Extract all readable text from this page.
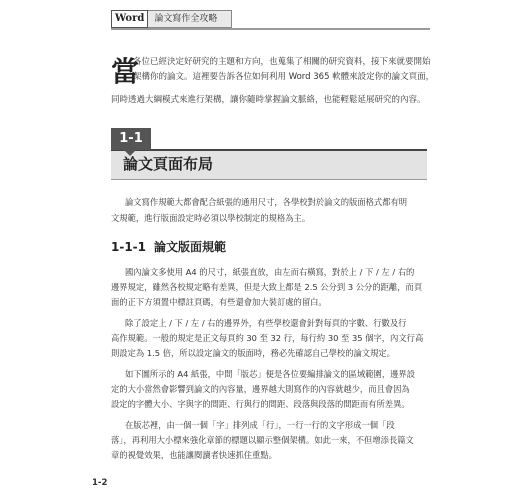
Word	論文寫作全攻略
當
各位已經決定好研究的主題和方向，也蒐集了相關的研究資料，接下來就要開始
架構你的論文。這裡要告訴各位如何利用 Word 365 軟體來設定你的論文頁面，
同時透過大綱模式來進行架構，讓你隨時掌握論文脈絡，也能輕鬆延展研究的內容。
1-1
論文頁面布局
論文寫作規範大都會配合紙張的通用尺寸，各學校對於論文的版面格式都有明
文規範，進行版面設定時必須以學校制定的規格為主。
1-1-1 論文版面規範
國內論文多使用 A4 的尺寸，紙張直放，由左而右橫寫，對於上 / 下 / 左 / 右的
邊界規定，雖然各校規定略有差異，但是大致上都是 2.5 公分到 3 公分的距離，而頁
面的正下方須置中標註頁碼，有些還會加大裝訂處的留白。
除了設定上 / 下 / 左 / 右的邊界外，有些學校還會針對每頁的字數、行數及行
高作規範。一般的規定是正文每頁約 30 至 32 行，每行約 30 至 35 個字，內文行高
則設定為 1.5 倍，所以設定論文的版面時，務必先確認自己學校的論文規定。
如下圖所示的 A4 紙張，中間「版芯」便是各位要編排論文的區域範圍，邊界設
定的大小當然會影響到論文的內容量，邊界越大則寫作的內容就越少，而且會因為
設定的字體大小、字與字的間距、行與行的間距、段落與段落的間距而有所差異。
在版芯裡，由一個一個「字」排列成「行」，一行一行的文字形成一個「段
落」，再利用大小標來強化章節的標題以顯示整個架構。如此一來，不但增添長篇文
章的視覺效果，也能讓閱讀者快速抓住重點。
1-2
